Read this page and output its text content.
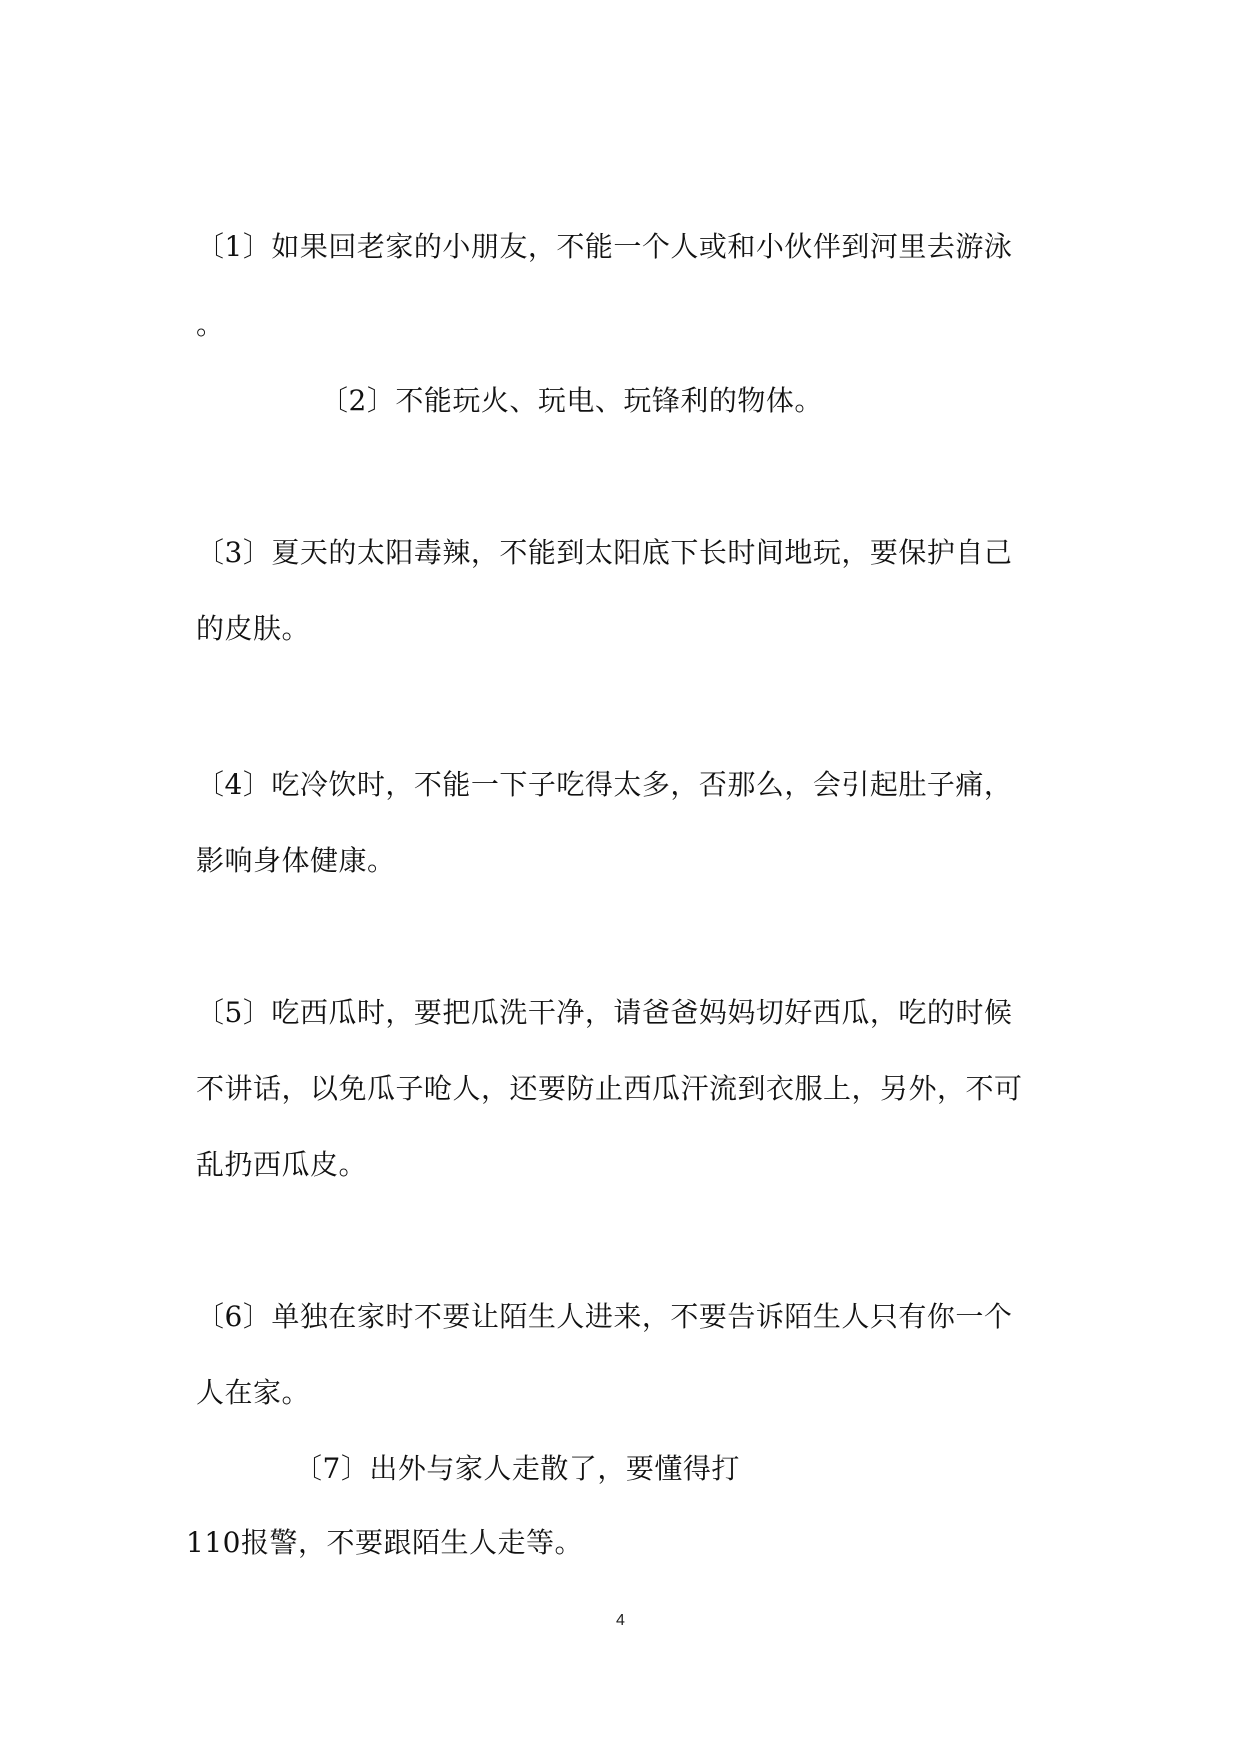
〔1〕如果回老家的小朋友，不能一个人或和小伙伴到河里去游泳
。
〔2〕不能玩火、玩电、玩锋利的物体。
〔3〕夏天的太阳毒辣，不能到太阳底下长时间地玩，要保护自己
的皮肤。
〔4〕吃冷饮时，不能一下子吃得太多，否那么，会引起肚子痛，
影响身体健康。
〔5〕吃西瓜时，要把瓜洗干净，请爸爸妈妈切好西瓜，吃的时候
不讲话，以免瓜子呛人，还要防止西瓜汗流到衣服上，另外，不可
乱扔西瓜皮。
〔6〕单独在家时不要让陌生人进来，不要告诉陌生人只有你一个
人在家。
〔7〕出外与家人走散了，要懂得打
110报警，不要跟陌生人走等。
4
